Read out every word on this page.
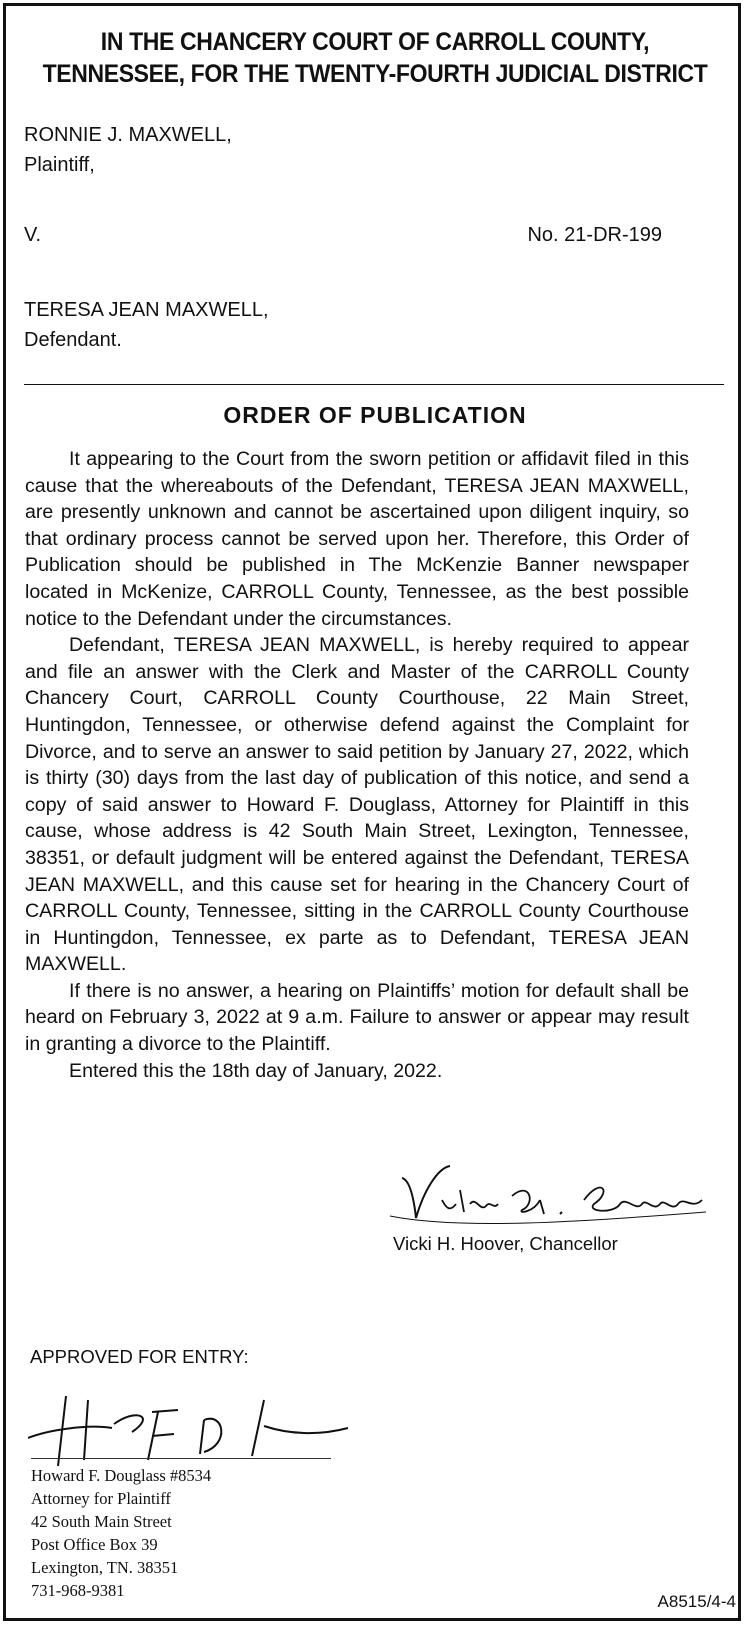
IN THE CHANCERY COURT OF CARROLL COUNTY,
TENNESSEE, FOR THE TWENTY-FOURTH JUDICIAL DISTRICT
RONNIE J. MAXWELL,
Plaintiff,
V.	No. 21-DR-199
TERESA JEAN MAXWELL,
Defendant.
ORDER OF PUBLICATION

It appearing to the Court from the sworn petition or affidavit filed in this cause that the whereabouts of the Defendant, TERESA JEAN MAXWELL, are presently unknown and cannot be ascertained upon diligent inquiry, so that ordinary process cannot be served upon her. Therefore, this Order of Publication should be published in The McKenzie Banner newspaper located in McKenize, CARROLL County, Tennessee, as the best possible notice to the Defendant under the circumstances.

Defendant, TERESA JEAN MAXWELL, is hereby required to appear and file an answer with the Clerk and Master of the CARROLL County Chancery Court, CARROLL County Courthouse, 22 Main Street, Huntingdon, Tennessee, or otherwise defend against the Complaint for Divorce, and to serve an answer to said petition by January 27, 2022, which is thirty (30) days from the last day of publication of this notice, and send a copy of said answer to Howard F. Douglass, Attorney for Plaintiff in this cause, whose address is 42 South Main Street, Lexington, Tennessee, 38351, or default judgment will be entered against the Defendant, TERESA JEAN MAXWELL, and this cause set for hearing in the Chancery Court of CARROLL County, Tennessee, sitting in the CARROLL County Courthouse in Huntingdon, Tennessee, ex parte as to Defendant, TERESA JEAN MAXWELL.

If there is no answer, a hearing on Plaintiffs’ motion for default shall be heard on February 3, 2022 at 9 a.m. Failure to answer or appear may result in granting a divorce to the Plaintiff.

Entered this the 18th day of January, 2022.

Vicki H. Hoover, Chancellor
APPROVED FOR ENTRY:
Howard F. Douglass #8534
Attorney for Plaintiff
42 South Main Street
Post Office Box 39
Lexington, TN. 38351
731-968-9381
A8515/4-4
